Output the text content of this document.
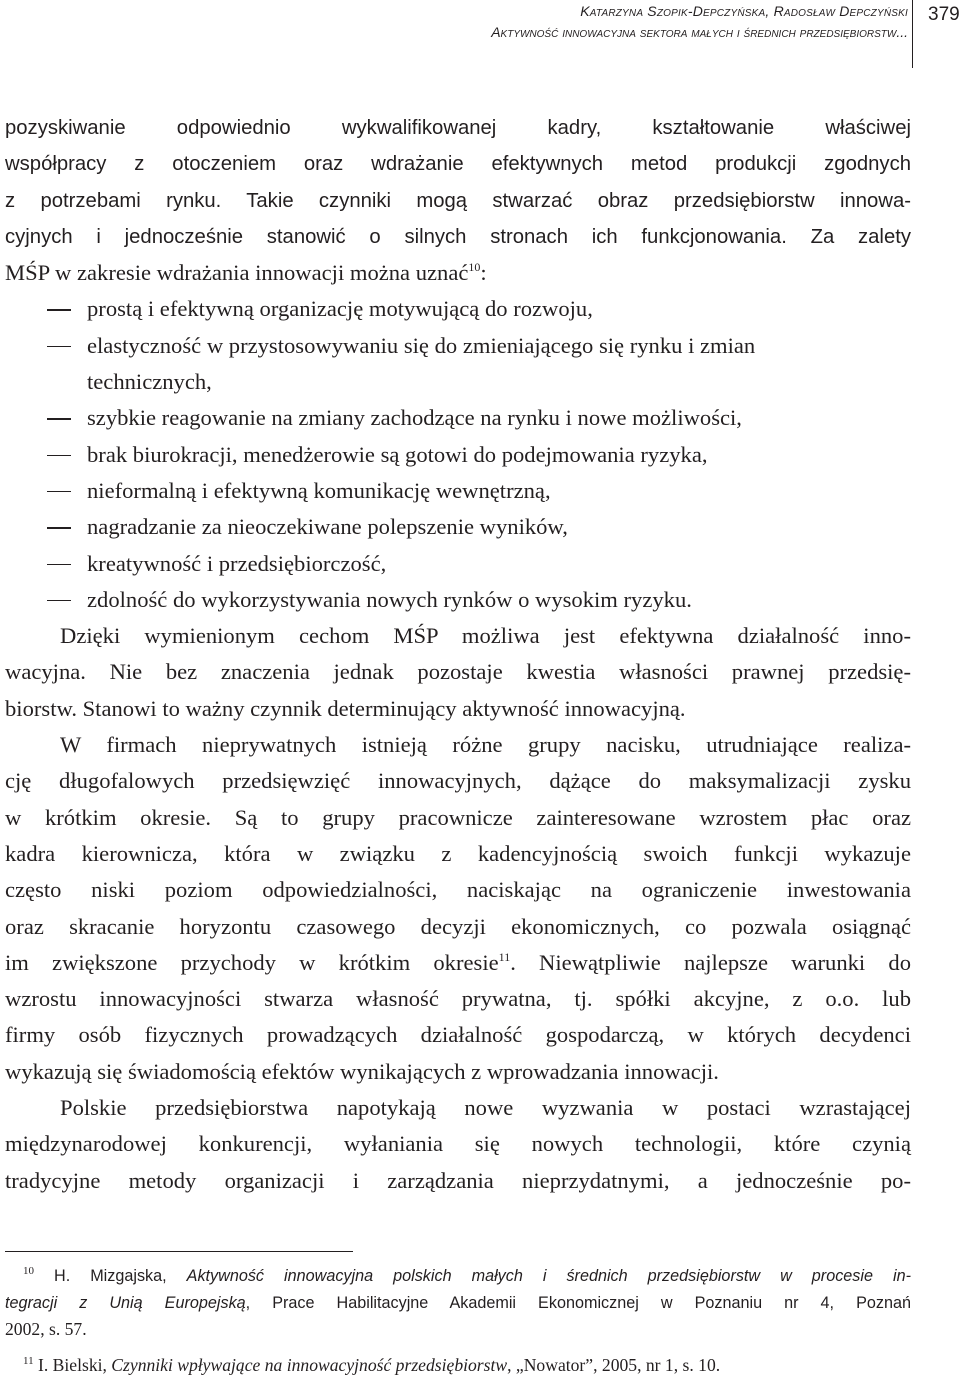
Katarzyna Szopik-Depczyńska, Radosław Depczyński
Aktywność innowacyjna sektora małych i średnich przedsiębiorstw...
379
pozyskiwanie odpowiednio wykwalifikowanej kadry, kształtowanie właściwej
współpracy z otoczeniem oraz wdrażanie efektywnych metod produkcji zgodnych
z potrzebami rynku. Takie czynniki mogą stwarzać obraz przedsiębiorstw innowa-
cyjnych i jednocześnie stanowić o silnych stronach ich funkcjonowania. Za zalety
MŚP w zakresie wdrażania innowacji można uznać$^{10}$:
prostą i efektywną organizację motywującą do rozwoju,
elastyczność w przystosowywaniu się do zmieniającego się rynku i zmian
technicznych,
szybkie reagowanie na zmiany zachodzące na rynku i nowe możliwości,
brak biurokracji, menedżerowie są gotowi do podejmowania ryzyka,
nieformalną i efektywną komunikację wewnętrzną,
nagradzanie za nieoczekiwane polepszenie wyników,
kreatywność i przedsiębiorczość,
zdolność do wykorzystywania nowych rynków o wysokim ryzyku.
Dzięki wymienionym cechom MŚP możliwa jest efektywna działalność inno-
wacyjna. Nie bez znaczenia jednak pozostaje kwestia własności prawnej przedsię-
biorstw. Stanowi to ważny czynnik determinujący aktywność innowacyjną.
W firmach nieprywatnych istnieją różne grupy nacisku, utrudniające realiza-
cję długofalowych przedsięwzięć innowacyjnych, dążące do maksymalizacji zysku
w krótkim okresie. Są to grupy pracownicze zainteresowane wzrostem płac oraz
kadra kierownicza, która w związku z kadencyjnością swoich funkcji wykazuje
często niski poziom odpowiedzialności, naciskając na ograniczenie inwestowania
oraz skracanie horyzontu czasowego decyzji ekonomicznych, co pozwala osiągnąć
im zwiększone przychody w krótkim okresie$^{11}$. Niewątpliwie najlepsze warunki do
wzrostu innowacyjności stwarza własność prywatna, tj. spółki akcyjne, z o.o. lub
firmy osób fizycznych prowadzących działalność gospodarczą, w których decydenci
wykazują się świadomością efektów wynikających z wprowadzania innowacji.
Polskie przedsiębiorstwa napotykają nowe wyzwania w postaci wzrastającej
międzynarodowej konkurencji, wyłaniania się nowych technologii, które czynią
tradycyjne metody organizacji i zarządzania nieprzydatnymi, a jednocześnie po-
$^{10}$ H. Mizgajska, Aktywność innowacyjna polskich małych i średnich przedsiębiorstw w procesie in-
tegracji z Unią Europejską, Prace Habilitacyjne Akademii Ekonomicznej w Poznaniu nr 4, Poznań
2002, s. 57.
$^{11}$ I. Bielski, Czynniki wpływające na innowacyjność przedsiębiorstw, „Nowator”, 2005, nr 1, s. 10.
